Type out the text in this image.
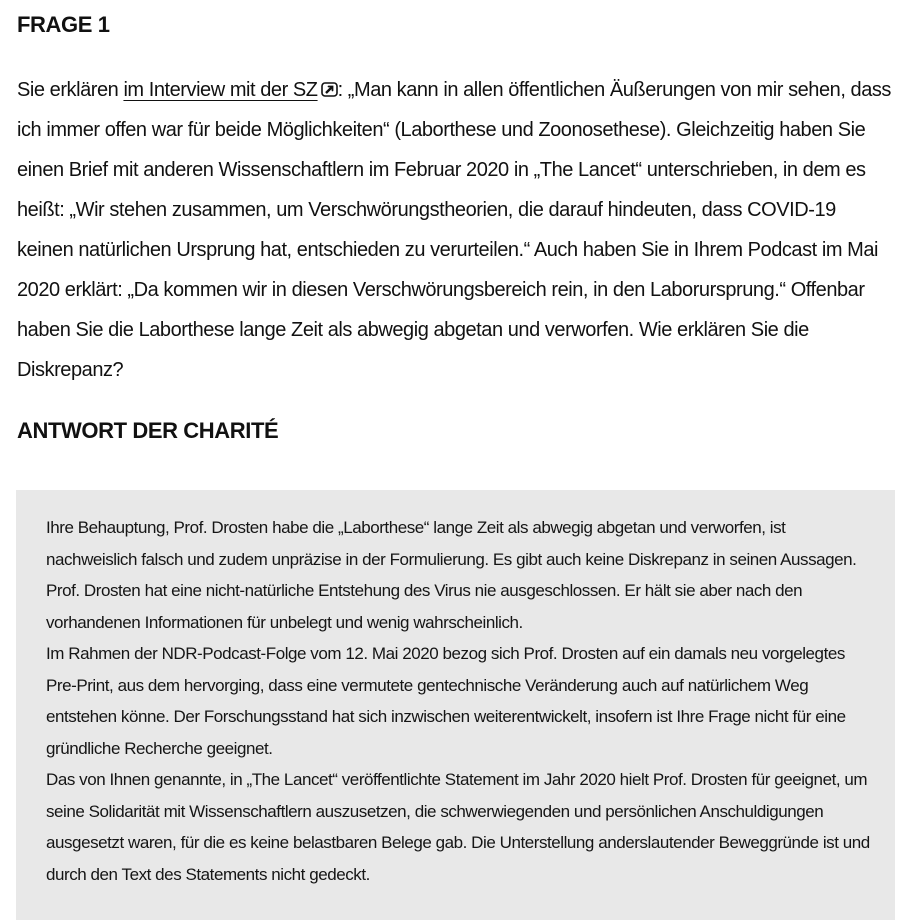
FRAGE 1

Sie erklären im Interview mit der SZ : „Man kann in allen öffentlichen Äußerungen von mir sehen, dass ich immer offen war für beide Möglichkeiten“ (Laborthese und Zoonosethese). Gleichzeitig haben Sie einen Brief mit anderen Wissenschaftlern im Februar 2020 in „The Lancet“ unterschrieben, in dem es heißt: „Wir stehen zusammen, um Verschwörungstheorien, die darauf hindeuten, dass COVID-19 keinen natürlichen Ursprung hat, entschieden zu verurteilen.“ Auch haben Sie in Ihrem Podcast im Mai 2020 erklärt: „Da kommen wir in diesen Verschwörungsbereich rein, in den Laborursprung.“ Offenbar haben Sie die Laborthese lange Zeit als abwegig abgetan und verworfen. Wie erklären Sie die Diskrepanz?

ANTWORT DER CHARITÉ

Ihre Behauptung, Prof. Drosten habe die „Laborthese“ lange Zeit als abwegig abgetan und verworfen, ist nachweislich falsch und zudem unpräzise in der Formulierung. Es gibt auch keine Diskrepanz in seinen Aussagen. Prof. Drosten hat eine nicht-natürliche Entstehung des Virus nie ausgeschlossen. Er hält sie aber nach den vorhandenen Informationen für unbelegt und wenig wahrscheinlich.

Im Rahmen der NDR-Podcast-Folge vom 12. Mai 2020 bezog sich Prof. Drosten auf ein damals neu vorgelegtes Pre-Print, aus dem hervorging, dass eine vermutete gentechnische Veränderung auch auf natürlichem Weg entstehen könne. Der Forschungsstand hat sich inzwischen weiterentwickelt, insofern ist Ihre Frage nicht für eine gründliche Recherche geeignet.

Das von Ihnen genannte, in „The Lancet“ veröffentlichte Statement im Jahr 2020 hielt Prof. Drosten für geeignet, um seine Solidarität mit Wissenschaftlern auszusetzen, die schwerwiegenden und persönlichen Anschuldigungen ausgesetzt waren, für die es keine belastbaren Belege gab. Die Unterstellung anderslautender Beweggründe ist und durch den Text des Statements nicht gedeckt.
